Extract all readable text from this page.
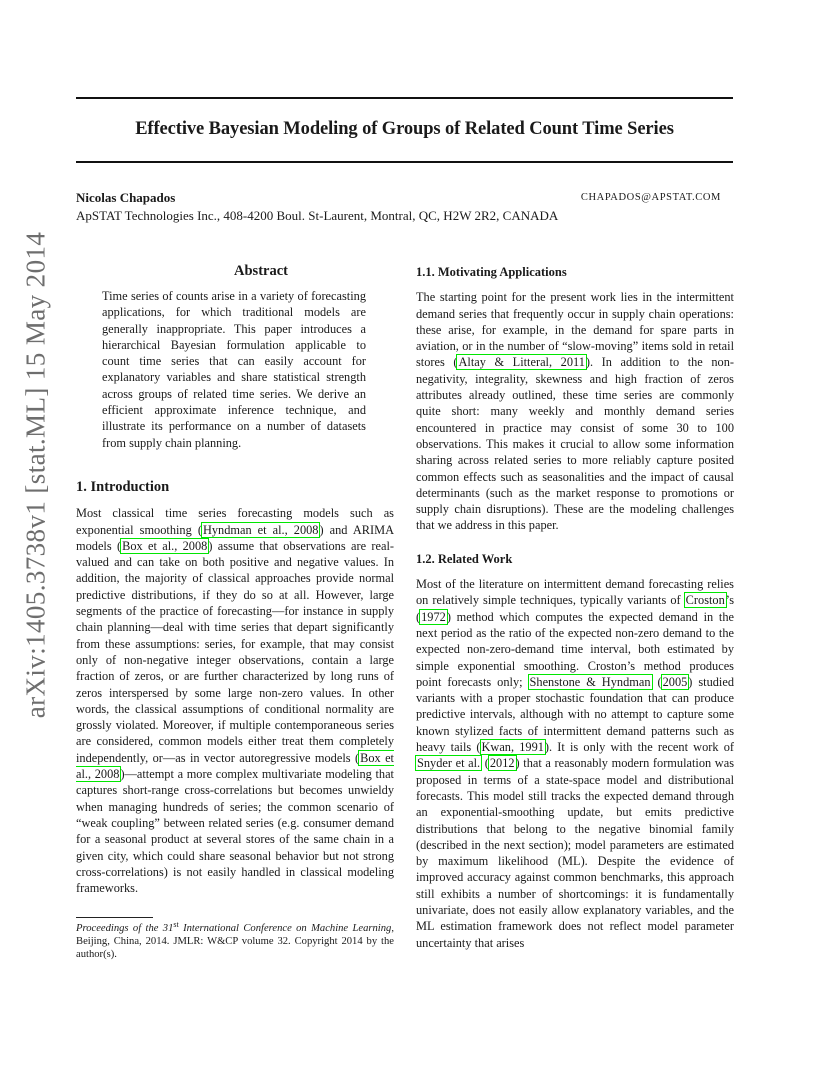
Effective Bayesian Modeling of Groups of Related Count Time Series
Nicolas Chapados	CHAPADOS@APSTAT.COM
ApSTAT Technologies Inc., 408-4200 Boul. St-Laurent, Montral, QC, H2W 2R2, CANADA
arXiv:1405.3738v1 [stat.ML] 15 May 2014	Abstract

Time series of counts arise in a variety of forecasting applications, for which traditional models are generally inappropriate. This paper introduces a hierarchical Bayesian formulation applicable to count time series that can easily account for explanatory variables and share statistical strength across groups of related time series. We derive an efficient approximate inference technique, and illustrate its performance on a number of datasets from supply chain planning.

1. Introduction

Most classical time series forecasting models such as exponential smoothing (Hyndman et al., 2008) and ARIMA models (Box et al., 2008) assume that observations are real-valued and can take on both positive and negative values. In addition, the majority of classical approaches provide normal predictive distributions, if they do so at all. However, large segments of the practice of forecasting—for instance in supply chain planning—deal with time series that depart significantly from these assumptions: series, for example, that may consist only of non-negative integer observations, contain a large fraction of zeros, or are further characterized by long runs of zeros interspersed by some large non-zero values. In other words, the classical assumptions of conditional normality are grossly violated. Moreover, if multiple contemporaneous series are considered, common models either treat them completely independently, or—as in vector autoregressive models (Box et al., 2008)—attempt a more complex multivariate modeling that captures short-range cross-correlations but becomes unwieldy when managing hundreds of series; the common scenario of “weak coupling” between related series (e.g. consumer demand for a seasonal product at several stores of the same chain in a given city, which could share seasonal behavior but not strong cross-correlations) is not easily handled in classical modeling frameworks.

Proceedings of the 31st International Conference on Machine Learning, Beijing, China, 2014. JMLR: W&CP volume 32. Copyright 2014 by the author(s).
1.1. Motivating Applications

The starting point for the present work lies in the intermittent demand series that frequently occur in supply chain operations: these arise, for example, in the demand for spare parts in aviation, or in the number of “slow-moving” items sold in retail stores (Altay & Litteral, 2011). In addition to the non-negativity, integrality, skewness and high fraction of zeros attributes already outlined, these time series are commonly quite short: many weekly and monthly demand series encountered in practice may consist of some 30 to 100 observations. This makes it crucial to allow some information sharing across related series to more reliably capture posited common effects such as seasonalities and the impact of causal determinants (such as the market response to promotions or supply chain disruptions). These are the modeling challenges that we address in this paper.

1.2. Related Work

Most of the literature on intermittent demand forecasting relies on relatively simple techniques, typically variants of Croston’s (1972) method which computes the expected demand in the next period as the ratio of the expected non-zero demand to the expected non-zero-demand time interval, both estimated by simple exponential smoothing. Croston’s method produces point forecasts only; Shenstone & Hyndman (2005) studied variants with a proper stochastic foundation that can produce predictive intervals, although with no attempt to capture some known stylized facts of intermittent demand patterns such as heavy tails (Kwan, 1991). It is only with the recent work of Snyder et al. (2012) that a reasonably modern formulation was proposed in terms of a state-space model and distributional forecasts. This model still tracks the expected demand through an exponential-smoothing update, but emits predictive distributions that belong to the negative binomial family (described in the next section); model parameters are estimated by maximum likelihood (ML). Despite the evidence of improved accuracy against common benchmarks, this approach still exhibits a number of shortcomings: it is fundamentally univariate, does not easily allow explanatory variables, and the ML estimation framework does not reflect model parameter uncertainty that arises
